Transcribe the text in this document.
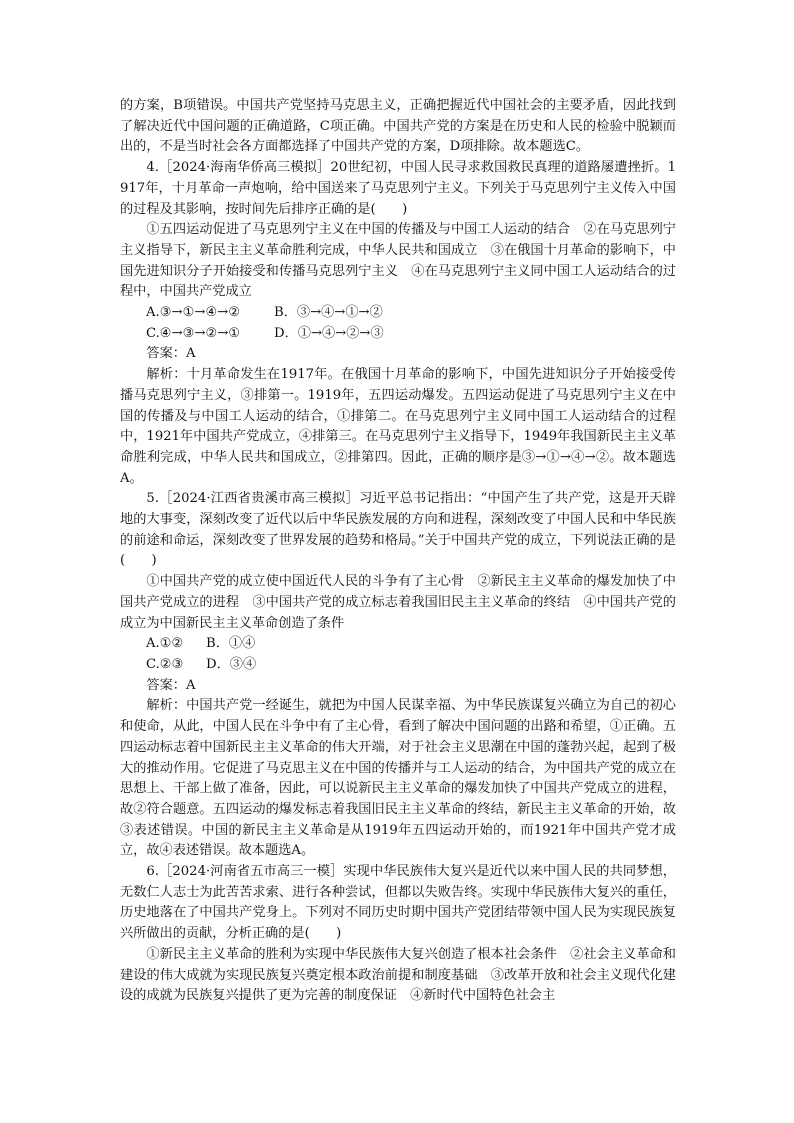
的方案，B项错误。中国共产党坚持马克思主义，正确把握近代中国社会的主要矛盾，因此找到了解决近代中国问题的正确道路，C项正确。中国共产党的方案是在历史和人民的检验中脱颖而出的，不是当时社会各方面都选择了中国共产党的方案，D项排除。故本题选C。

4.［2024·海南华侨高三模拟］20世纪初，中国人民寻求救国救民真理的道路屡遭挫折。1917年，十月革命一声炮响，给中国送来了马克思列宁主义。下列关于马克思列宁主义传入中国的过程及其影响，按时间先后排序正确的是(　　)

①五四运动促进了马克思列宁主义在中国的传播及与中国工人运动的结合　②在马克思列宁主义指导下，新民主主义革命胜利完成，中华人民共和国成立　③在俄国十月革命的影响下，中国先进知识分子开始接受和传播马克思列宁主义　④在马克思列宁主义同中国工人运动结合的过程中，中国共产党成立

A.③→①→④→②	B．③→④→①→②

C.④→③→②→①	D．①→④→②→③

答案：A

解析：十月革命发生在1917年。在俄国十月革命的影响下，中国先进知识分子开始接受传播马克思列宁主义，③排第一。1919年，五四运动爆发。五四运动促进了马克思列宁主义在中国的传播及与中国工人运动的结合，①排第二。在马克思列宁主义同中国工人运动结合的过程中，1921年中国共产党成立，④排第三。在马克思列宁主义指导下，1949年我国新民主主义革命胜利完成，中华人民共和国成立，②排第四。因此，正确的顺序是③→①→④→②。故本题选A。

5.［2024·江西省贵溪市高三模拟］习近平总书记指出：“中国产生了共产党，这是开天辟地的大事变，深刻改变了近代以后中华民族发展的方向和进程，深刻改变了中国人民和中华民族的前途和命运，深刻改变了世界发展的趋势和格局。”关于中国共产党的成立，下列说法正确的是(　　)

①中国共产党的成立使中国近代人民的斗争有了主心骨　②新民主主义革命的爆发加快了中国共产党成立的进程　③中国共产党的成立标志着我国旧民主主义革命的终结　④中国共产党的成立为中国新民主主义革命创造了条件

A.①② B．①④

C.②③ D．③④

答案：A

解析：中国共产党一经诞生，就把为中国人民谋幸福、为中华民族谋复兴确立为自己的初心和使命，从此，中国人民在斗争中有了主心骨，看到了解决中国问题的出路和希望，①正确。五四运动标志着中国新民主主义革命的伟大开端，对于社会主义思潮在中国的蓬勃兴起，起到了极大的推动作用。它促进了马克思主义在中国的传播并与工人运动的结合，为中国共产党的成立在思想上、干部上做了准备，因此，可以说新民主主义革命的爆发加快了中国共产党成立的进程，故②符合题意。五四运动的爆发标志着我国旧民主主义革命的终结，新民主主义革命的开始，故③表述错误。中国的新民主主义革命是从1919年五四运动开始的，而1921年中国共产党才成立，故④表述错误。故本题选A。

6.［2024·河南省五市高三一模］实现中华民族伟大复兴是近代以来中国人民的共同梦想，无数仁人志士为此苦苦求索、进行各种尝试，但都以失败告终。实现中华民族伟大复兴的重任，历史地落在了中国共产党身上。下列对不同历史时期中国共产党团结带领中国人民为实现民族复兴所做出的贡献，分析正确的是(　　)

①新民主主义革命的胜利为实现中华民族伟大复兴创造了根本社会条件　②社会主义革命和建设的伟大成就为实现民族复兴奠定根本政治前提和制度基础　③改革开放和社会主义现代化建设的成就为民族复兴提供了更为完善的制度保证　④新时代中国特色社会主
